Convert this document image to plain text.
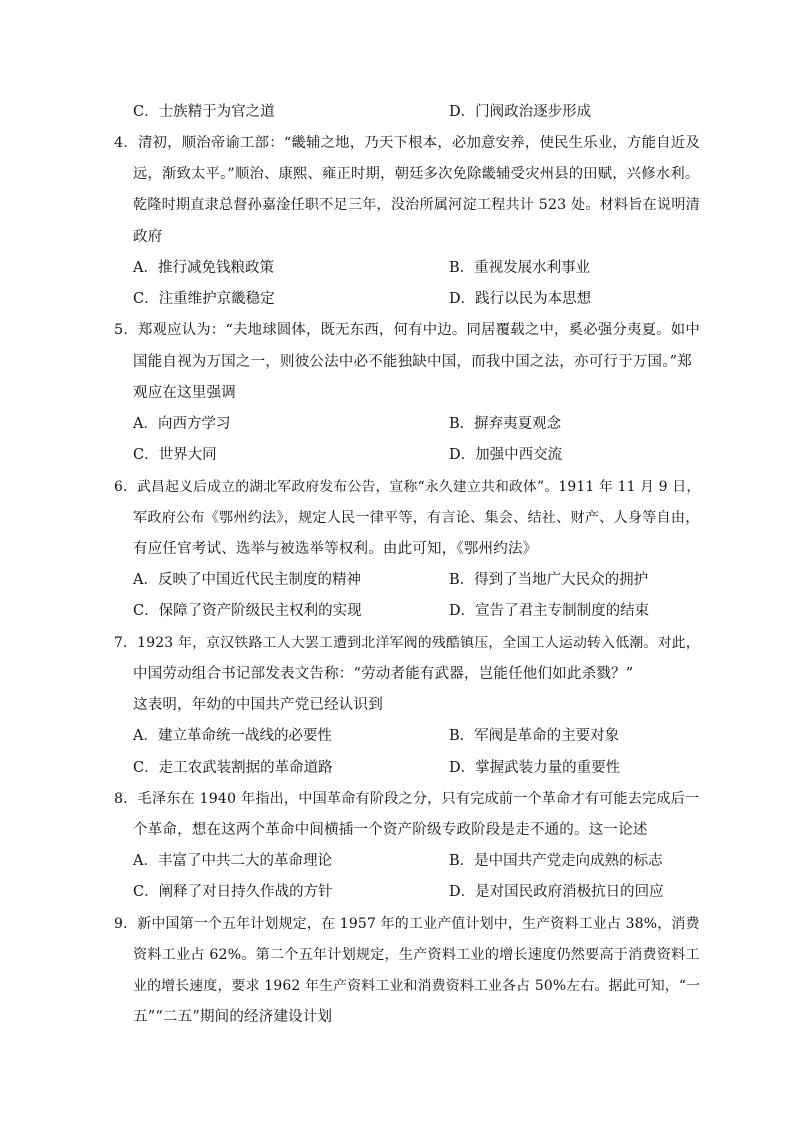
C．士族精于为官之道	D．门阀政治逐步形成
4．清初，顺治帝谕工部：“畿辅之地，乃天下根本，必加意安养，使民生乐业，方能自近及
远，渐致太平。”顺治、康熙、雍正时期，朝廷多次免除畿辅受灾州县的田赋，兴修水利。
乾隆时期直隶总督孙嘉淦任职不足三年，没治所属河淀工程共计 523 处。材料旨在说明清
政府
A．推行减免钱粮政策	B．重视发展水利事业
C．注重维护京畿稳定	D．践行以民为本思想
5．郑观应认为：“夫地球圆体，既无东西，何有中边。同居覆载之中，奚必强分夷夏。如中
国能自视为万国之一，则彼公法中必不能独缺中国，而我中国之法，亦可行于万国。”郑
观应在这里强调
A．向西方学习	B．摒弃夷夏观念
C．世界大同	D．加强中西交流
6．武昌起义后成立的湖北军政府发布公告，宣称“永久建立共和政体”。1911 年 11 月 9 日，
军政府公布《鄂州约法》，规定人民一律平等，有言论、集会、结社、财产、人身等自由，
有应任官考试、选举与被选举等权利。由此可知，《鄂州约法》
A．反映了中国近代民主制度的精神	B．得到了当地广大民众的拥护
C．保障了资产阶级民主权利的实现	D．宣告了君主专制制度的结束
7．1923 年，京汉铁路工人大罢工遭到北洋军阀的残酷镇压，全国工人运动转入低潮。对此，
中国劳动组合书记部发表文告称：“劳动者能有武器，岂能任他们如此杀戮？”
这表明，年幼的中国共产党已经认识到
A．建立革命统一战线的必要性	B．军阀是革命的主要对象
C．走工农武装割据的革命道路	D．掌握武装力量的重要性
8．毛泽东在 1940 年指出，中国革命有阶段之分，只有完成前一个革命才有可能去完成后一
个革命，想在这两个革命中间横插一个资产阶级专政阶段是走不通的。这一论述
A．丰富了中共二大的革命理论	B．是中国共产党走向成熟的标志
C．阐释了对日持久作战的方针	D．是对国民政府消极抗日的回应
9．新中国第一个五年计划规定，在 1957 年的工业产值计划中，生产资料工业占 38%，消费
资料工业占 62%。第二个五年计划规定，生产资料工业的增长速度仍然要高于消费资料工
业的增长速度，要求 1962 年生产资料工业和消费资料工业各占 50%左右。据此可知，“一
五”“二五”期间的经济建设计划
